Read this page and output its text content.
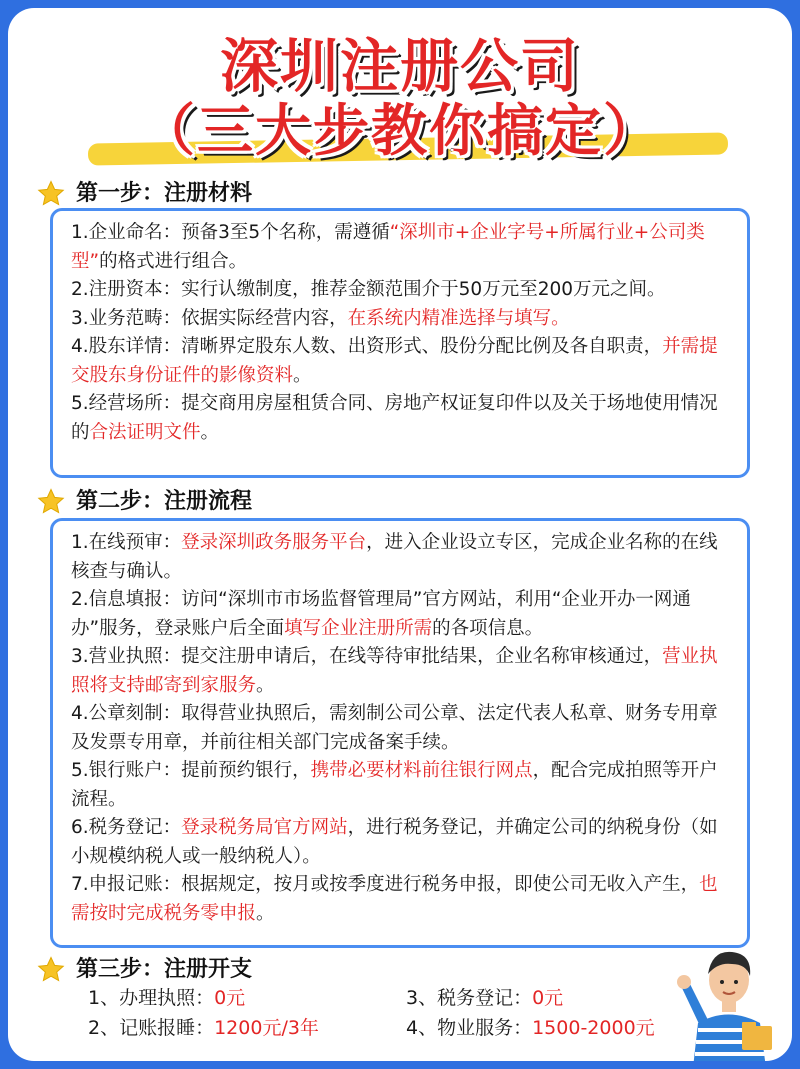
深圳注册公司
（三大步教你搞定）
第一步：注册材料

1.企业命名：预备3至5个名称，需遵循“深圳市+企业字号+所属行业+公司类型”的格式进行组合。

2.注册资本：实行认缴制度，推荐金额范围介于50万元至200万元之间。

3.业务范畴：依据实际经营内容，在系统内精准选择与填写。

4.股东详情：清晰界定股东人数、出资形式、股份分配比例及各自职责，并需提交股东身份证件的影像资料。

5.经营场所：提交商用房屋租赁合同、房地产权证复印件以及关于场地使用情况的合法证明文件。

第二步：注册流程

1.在线预审：登录深圳政务服务平台，进入企业设立专区，完成企业名称的在线核查与确认。

2.信息填报：访问“深圳市市场监督管理局”官方网站，利用“企业开办一网通办”服务，登录账户后全面填写企业注册所需的各项信息。

3.营业执照：提交注册申请后，在线等待审批结果，企业名称审核通过，营业执照将支持邮寄到家服务。

4.公章刻制：取得营业执照后，需刻制公司公章、法定代表人私章、财务专用章及发票专用章，并前往相关部门完成备案手续。

5.银行账户：提前预约银行，携带必要材料前往银行网点，配合完成拍照等开户流程。

6.税务登记：登录税务局官方网站，进行税务登记，并确定公司的纳税身份（如小规模纳税人或一般纳税人）。

7.申报记账：根据规定，按月或按季度进行税务申报，即使公司无收入产生，也需按时完成税务零申报。

第三步：注册开支
1、办理执照：0元
2、记账报睡：1200元/3年
3、税务登记：0元
4、物业服务：1500-2000元
